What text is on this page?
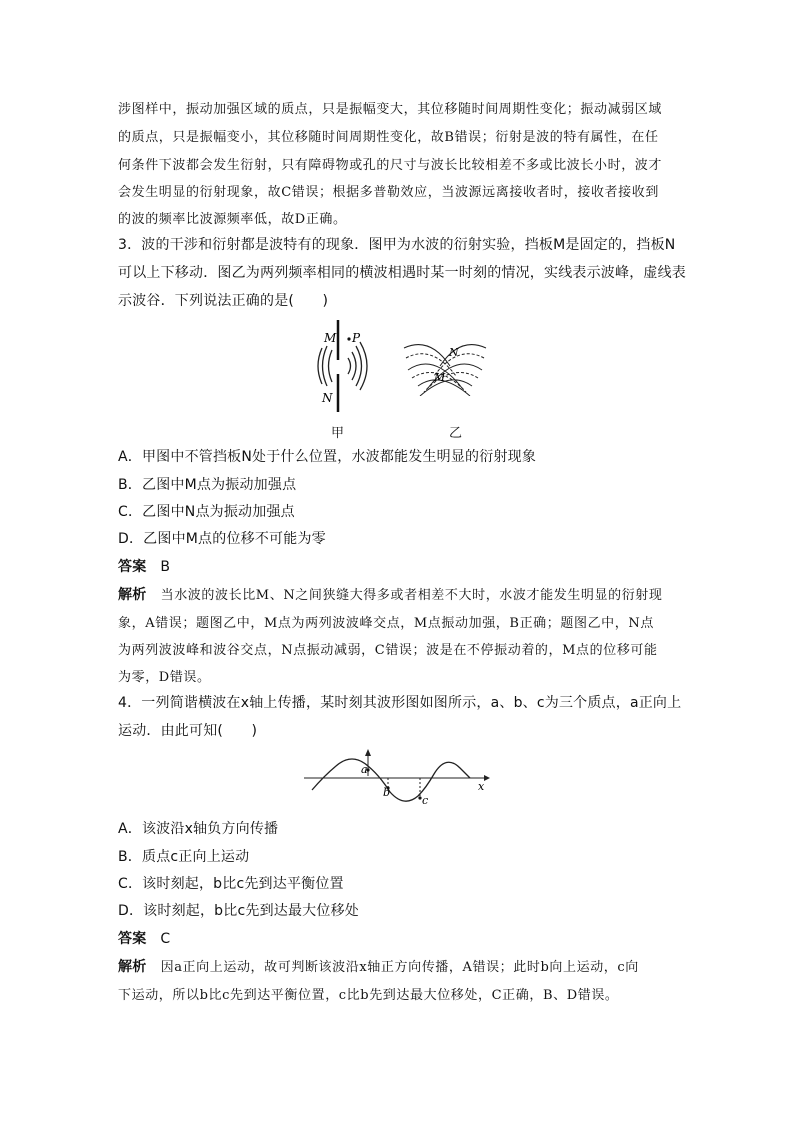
涉图样中，振动加强区域的质点，只是振幅变大，其位移随时间周期性变化；振动减弱区域
的质点，只是振幅变小，其位移随时间周期性变化，故B错误；衍射是波的特有属性，在任
何条件下波都会发生衍射，只有障碍物或孔的尺寸与波长比较相差不多或比波长小时，波才
会发生明显的衍射现象，故C错误；根据多普勒效应，当波源远离接收者时，接收者接收到
的波的频率比波源频率低，故D正确。
3．波的干涉和衍射都是波特有的现象．图甲为水波的衍射实验，挡板M是固定的，挡板N
可以上下移动．图乙为两列频率相同的横波相遇时某一时刻的情况，实线表示波峰，虚线表
示波谷．下列说法正确的是(　　)
M P
N
N
M
甲	乙
A．甲图中不管挡板N处于什么位置，水波都能发生明显的衍射现象
B．乙图中M点为振动加强点
C．乙图中N点为振动加强点
D．乙图中M点的位移不可能为零
答案 B
解析 当水波的波长比M、N之间狭缝大得多或者相差不大时，水波才能发生明显的衍射现
象，A错误；题图乙中，M点为两列波波峰交点，M点振动加强，B正确；题图乙中，N点
为两列波波峰和波谷交点，N点振动减弱，C错误；波是在不停振动着的，M点的位移可能
为零，D错误。
4．一列简谐横波在x轴上传播，某时刻其波形图如图所示，a、b、c为三个质点，a正向上
运动．由此可知(　　)
a
b
c
x
A．该波沿x轴负方向传播
B．质点c正向上运动
C．该时刻起，b比c先到达平衡位置
D．该时刻起，b比c先到达最大位移处
答案 C
解析 因a正向上运动，故可判断该波沿x轴正方向传播，A错误；此时b向上运动，c向
下运动，所以b比c先到达平衡位置，c比b先到达最大位移处，C正确，B、D错误。
